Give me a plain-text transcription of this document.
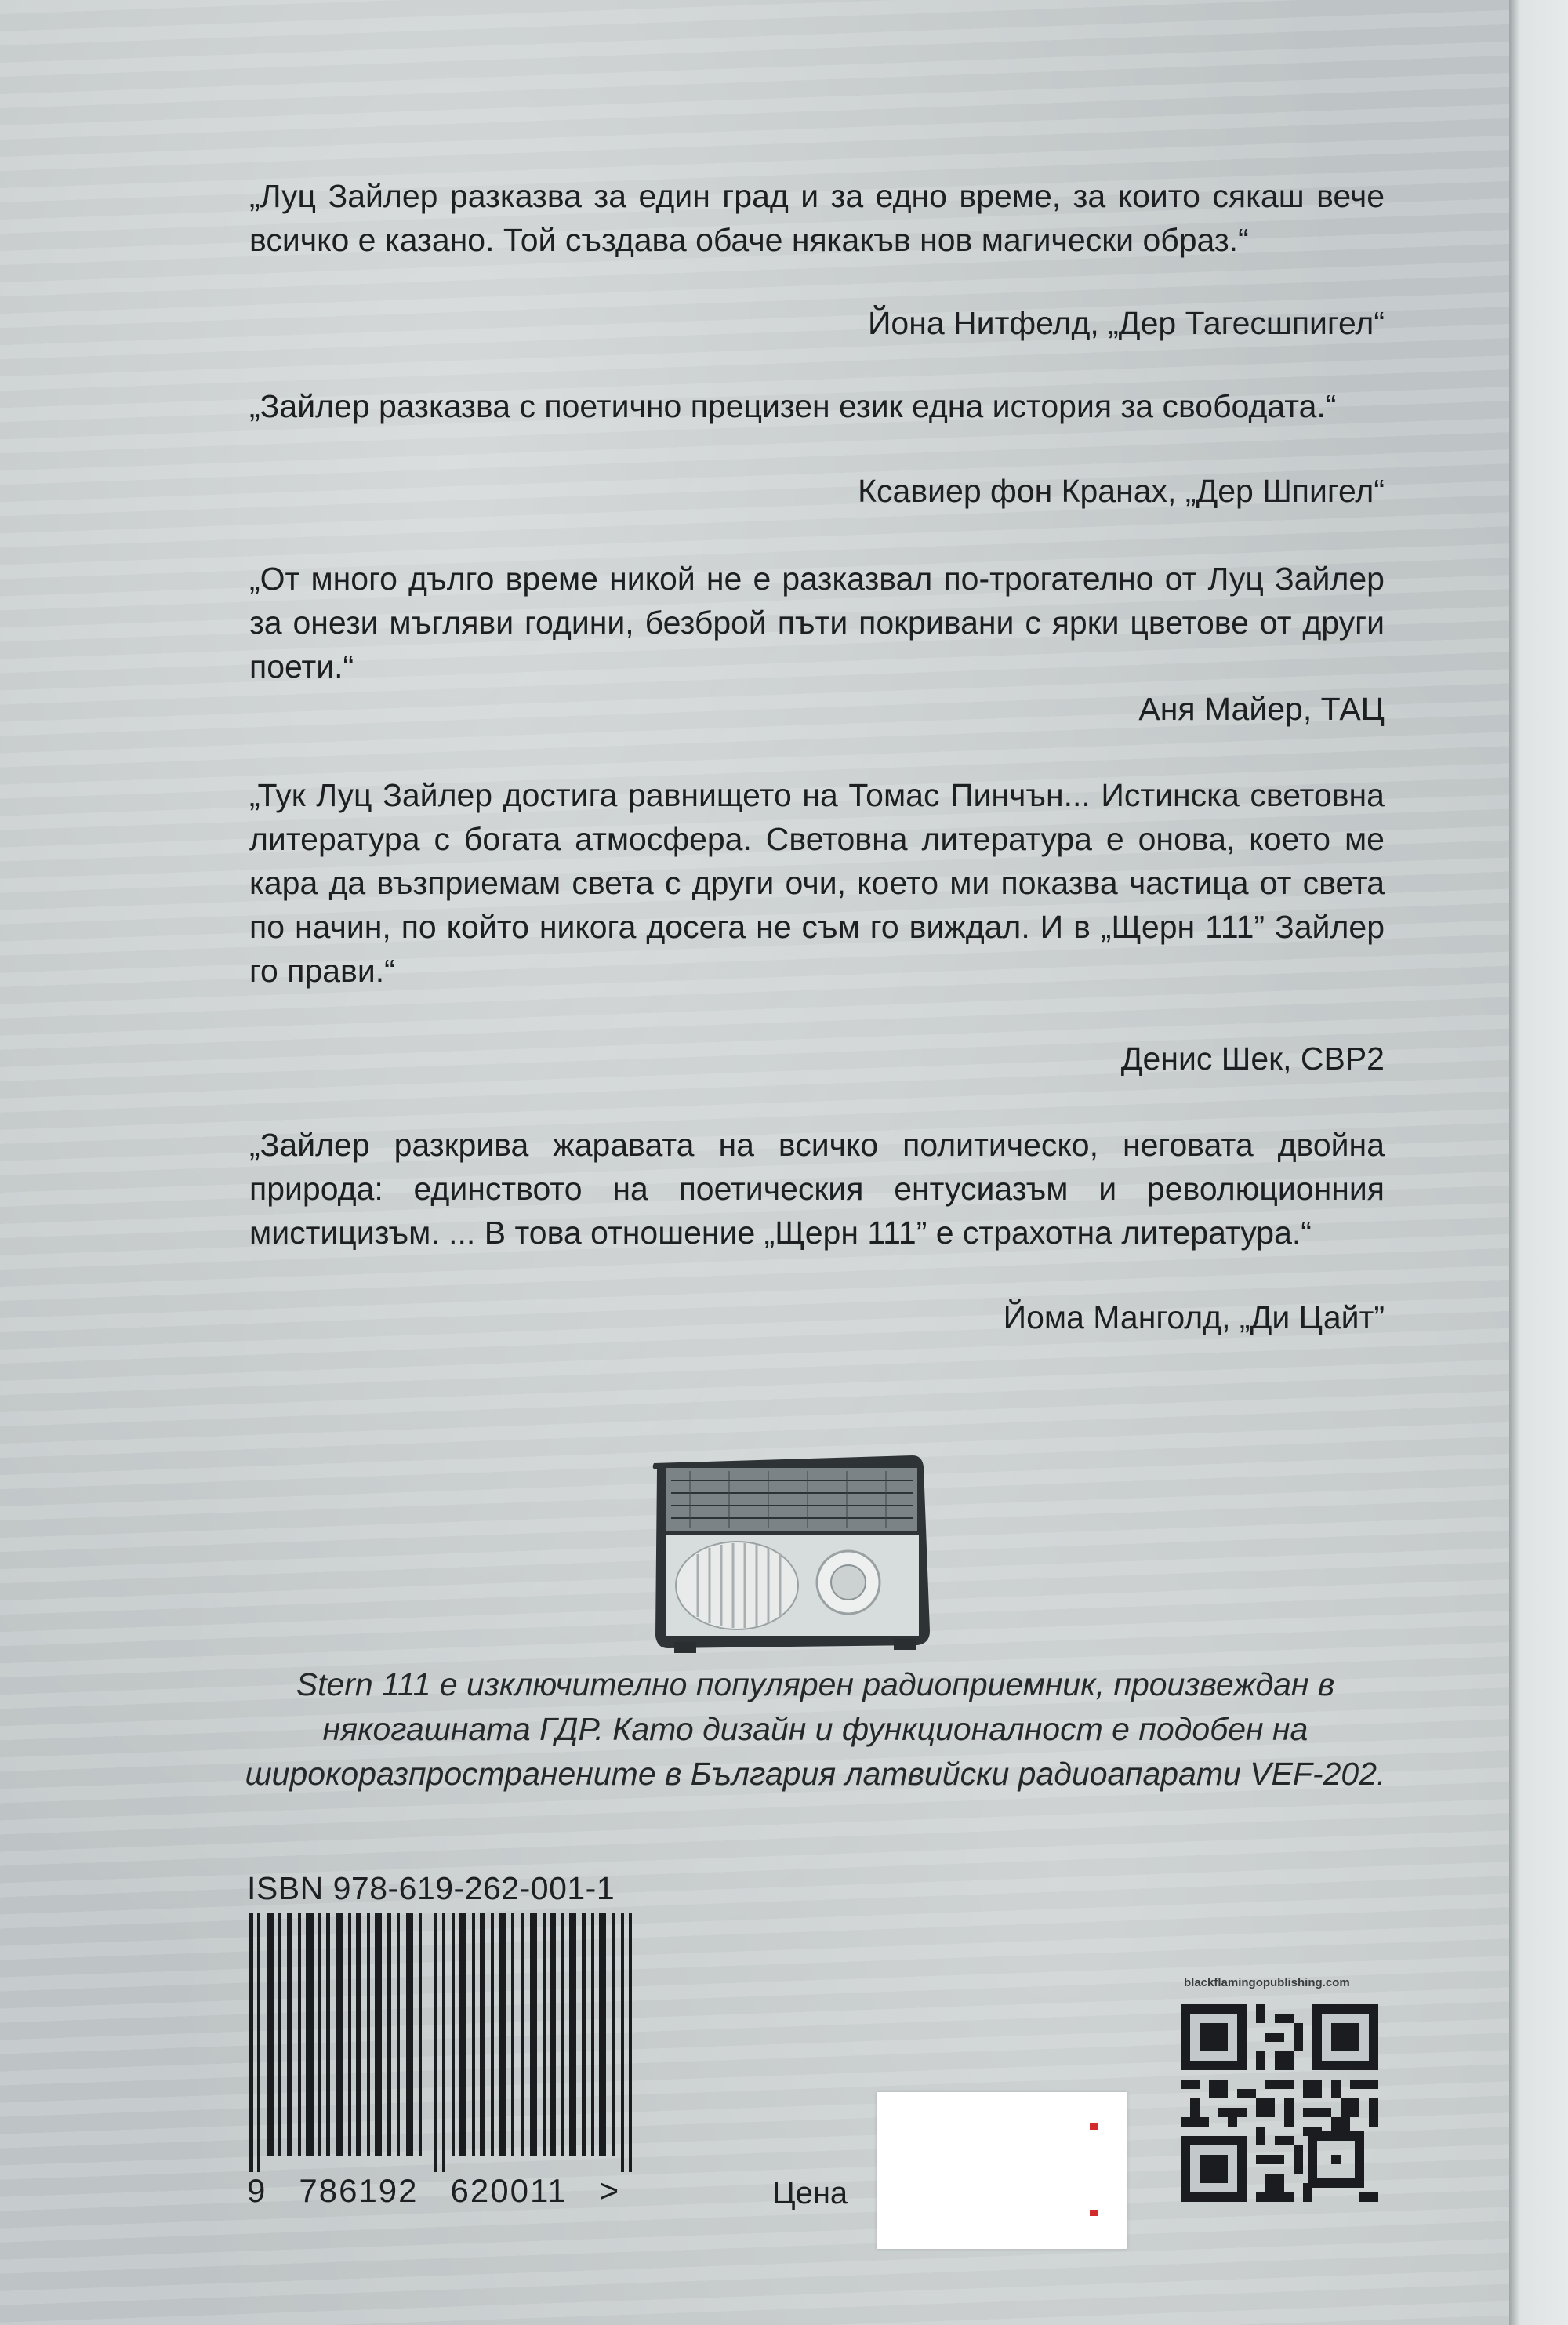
„Луц Зайлер разказва за един град и за едно време, за които сякаш вече всичко е казано. Той създава обаче някакъв нов магически образ.“
Йона Нитфелд, „Дер Тагесшпигел“
„Зайлер разказва с поетично прецизен език една история за свободата.“
Ксавиер фон Кранах, „Дер Шпигел“
„От много дълго време никой не е разказвал по-трогателно от Луц Зайлер за онези мъгляви години, безброй пъти покривани с ярки цветове от други поети.“
Аня Майер, ТАЦ
„Тук Луц Зайлер достига равнището на Томас Пинчън... Истинска световна литература с богата атмосфера. Световна литература е онова, което ме кара да възприемам света с други очи, което ми показва частица от света по начин, по който никога досега не съм го виждал. И в „Щерн 111” Зайлер го прави.“
Денис Шек, СВР2
„Зайлер разкрива жаравата на всичко политическо, неговата двойна природа: единството на поетическия ентусиазъм и революционния мистицизъм. ... В това отношение „Щерн 111” е страхотна литература.“
Йома Манголд, „Ди Цайт”
Stern 111 е изключително популярен радиоприемник, произвеждан в някогашната ГДР. Като дизайн и функционалност е подобен на широкоразпространените в България латвийски радиоапарати VEF-202.
ISBN 978-619-262-001-1
9   786192   620011   >	Цена
blackflamingopublishing.com
